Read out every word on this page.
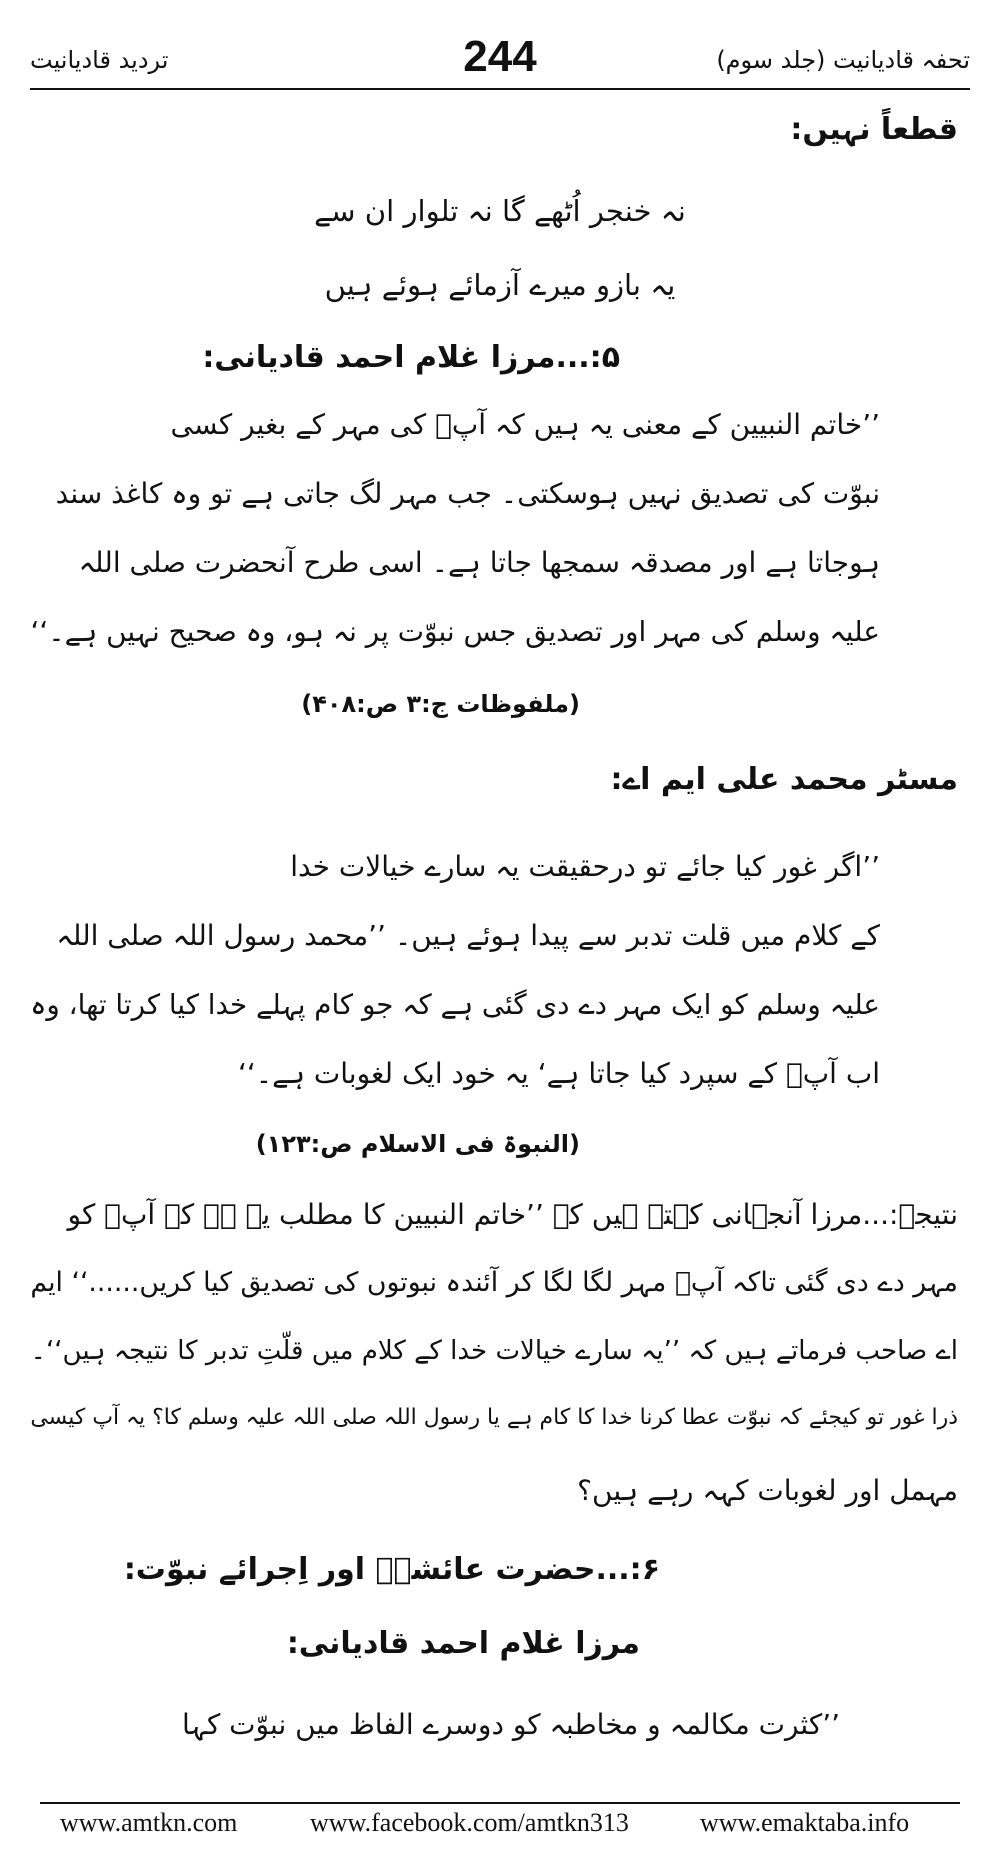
تردید قادیانیت	244	تحفہ قادیانیت (جلد سوم)
قطعاً نہیں:
نہ خنجر اُٹھے گا نہ تلوار ان سے
یہ بازو میرے آزمائے ہوئے ہیں
۵:...مرزا غلام احمد قادیانی:
’’خاتم النبیین کے معنی یہ ہیں کہ آپؐ کی مہر کے بغیر کسی
نبوّت کی تصدیق نہیں ہوسکتی۔ جب مہر لگ جاتی ہے تو وہ کاغذ سند
ہوجاتا ہے اور مصدقہ سمجھا جاتا ہے۔ اسی طرح آنحضرت صلی اللہ
علیہ وسلم کی مہر اور تصدیق جس نبوّت پر نہ ہو، وہ صحیح نہیں ہے۔‘‘
(ملفوظات ج:۳ ص:۴۰۸)
مسٹر محمد علی ایم اے:
’’اگر غور کیا جائے تو درحقیقت یہ سارے خیالات خدا
کے کلام میں قلت تدبر سے پیدا ہوئے ہیں۔ ’’محمد رسول اللہ صلی اللہ
علیہ وسلم کو ایک مہر دے دی گئی ہے کہ جو کام پہلے خدا کیا کرتا تھا، وہ
اب آپؐ کے سپرد کیا جاتا ہے‘ یہ خود ایک لغوبات ہے۔‘‘
(النبوۃ فی الاسلام ص:۱۲۳)
نتیجہ:...مرزا آنجہانی کہتے ہیں کہ ’’خاتم النبیین کا مطلب یہ ہے کہ آپؐ کو
مہر دے دی گئی تاکہ آپؐ مہر لگا لگا کر آئندہ نبوتوں کی تصدیق کیا کریں......‘‘ ایم
اے صاحب فرماتے ہیں کہ ’’یہ سارے خیالات خدا کے کلام میں قلّتِ تدبر کا نتیجہ ہیں‘‘۔
ذرا غور تو کیجئے کہ نبوّت عطا کرنا خدا کا کام ہے یا رسول اللہ صلی اللہ علیہ وسلم کا؟ یہ آپ کیسی
مہمل اور لغوبات کہہ رہے ہیں؟
۶:...حضرت عائشہؓ اور اِجرائے نبوّت:
مرزا غلام احمد قادیانی:
’’کثرت مکالمہ و مخاطبہ کو دوسرے الفاظ میں نبوّت کہا
www.amtkn.com	www.facebook.com/amtkn313	www.emaktaba.info
